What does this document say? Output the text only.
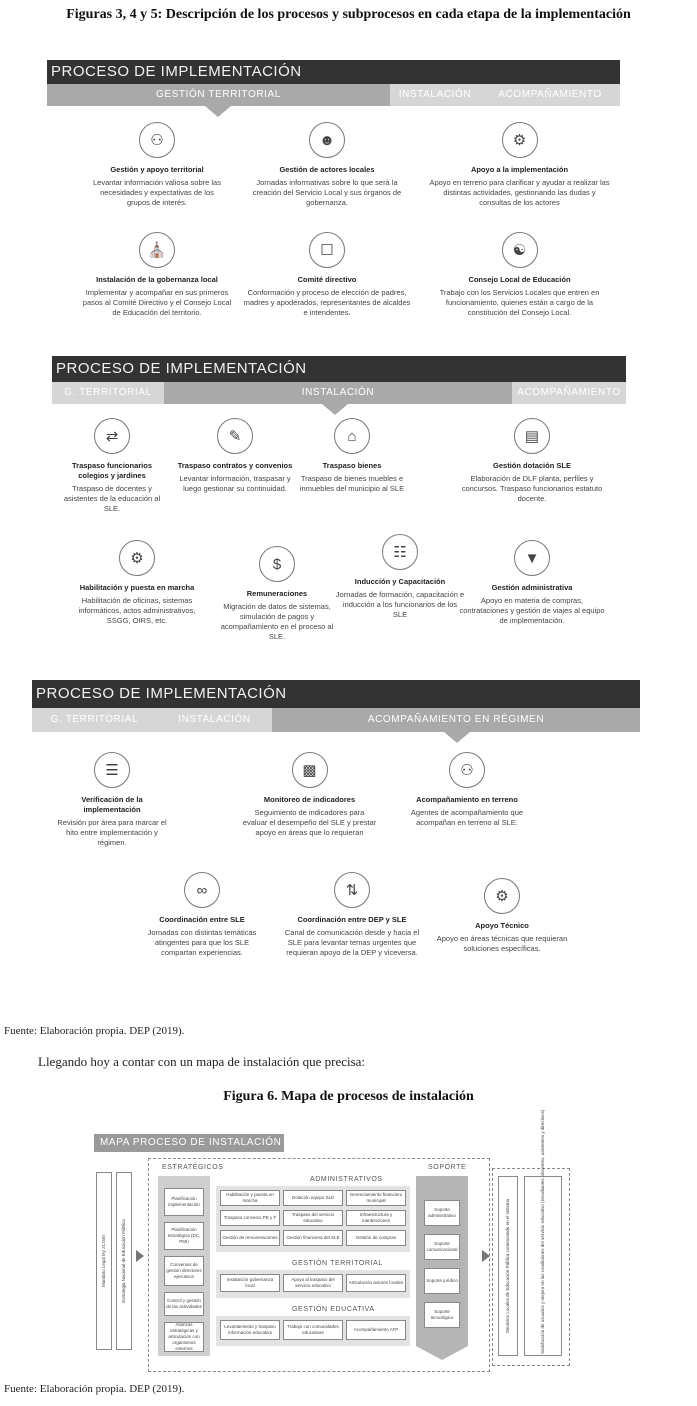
Figuras 3, 4 y 5: Descripción de los procesos y subprocesos en cada etapa de la implementación
PROCESO DE IMPLEMENTACIÓN
GESTIÓN TERRITORIAL	INSTALACIÓN	ACOMPAÑAMIENTO
⚇
Gestión y apoyo territorial
Levantar información valiosa sobre las necesidades y expectativas de los grupos de interés.
☻
Gestión de actores locales
Jornadas informativas sobre lo que será la creación del Servicio Local y sus órganos de gobernanza.
⚙
Apoyo a la implementación
Apoyo en terreno para clarificar y ayudar a realizar las distintas actividades, gestionando las dudas y consultas de los actores
⛪
Instalación de la gobernanza local
Implementar y acompañar en sus primeros pasos al Comité Directivo y el Consejo Local de Educación del territorio.
☐
Comité directivo
Conformación y proceso de elección de padres, madres y apoderados, representantes de alcaldes e intendentes.
☯
Consejo Local de Educación
Trabajo con los Servicios Locales que entren en funcionamiento, quienes están a cargo de la constitución del Consejo Local.
PROCESO DE IMPLEMENTACIÓN
G. TERRITORIAL	INSTALACIÓN	ACOMPAÑAMIENTO
⇄
Traspaso funcionarios colegios y jardines
Traspaso de docentes y asistentes de la educación al SLE.
✎
Traspaso contratos y convenios
Levantar información, traspasar y luego gestionar su continuidad.
⌂
Traspaso bienes
Traspaso de bienes muebles e inmuebles del municipio al SLE
▤
Gestión dotación SLE
Elaboración de DLF planta, perfiles y concursos. Traspaso funcionarios estatuto docente.
⚙
Habilitación y puesta en marcha
Habilitación de oficinas, sistemas informáticos, actos administrativos, SSGG, OIRS, etc.
$
Remuneraciones
Migración de datos de sistemas, simulación de pagos y acompañamiento en el proceso al SLE.
☷
Inducción y Capacitación
Jornadas de formación, capacitación e inducción a los funcionarios de los SLE
▼
Gestión administrativa
Apoyo en materia de compras, contrataciones y gestión de viajes al equipo de implementación.
PROCESO DE IMPLEMENTACIÓN
G. TERRITORIAL	INSTALACIÓN	ACOMPAÑAMIENTO EN RÉGIMEN
☰
Verificación de la implementación
Revisión por área para marcar el hito entre implementación y régimen.
▩
Monitoreo de indicadores
Seguimiento de indicadores para evaluar el desempeño del SLE y prestar apoyo en áreas que lo requieran
⚇
Acompañamiento en terreno
Agentes de acompañamiento que acompañan en terreno al SLE.
∞
Coordinación entre SLE
Jornadas con distintas temáticas atingentes para que los SLE compartan experiencias.
⇅
Coordinación entre DEP y SLE
Canal de comunicación desde y hacia el SLE para levantar temas urgentes que requieran apoyo de la DEP y viceversa.
⚙
Apoyo Técnico
Apoyo en áreas técnicas que requieran soluciones específicas.
Fuente: Elaboración propia. DEP (2019).
Llegando hoy a contar con un mapa de instalación que precisa:
Figura 6. Mapa de procesos de instalación
MAPA PROCESO DE INSTALACIÓN
Mandato Legal ley 21.040	Estrategia Nacional de Educación Pública
ESTRATÉGICOS
Planificación implementación
Planificación estratégica (DC, PMI)
Convenios de gestión directores ejecutivos
Control y gestión de las actividades
Alianzas estratégicas y articulación con organismos externos
ADMINISTRATIVOS
Habilitación y puesta en marcha
Dotación equipo SLE
Gerenciamiento financiero municipal
Traspaso convenio PE y F
Traspaso del servicio educativo
Infraestructura y mantenciones
Gestión de remuneraciones	Gestión financiera del SLE	Gestión de compras
GESTIÓN TERRITORIAL
Instalación gobernanza local
Apoyo al traspaso del servicio educativo
Articulación actores locales
GESTIÓN EDUCATIVA
Levantamiento y traspaso información educativa
Trabajo con comunidades educativas
Acompañamiento ATP
SOPORTE
Soporte administrativo
Soporte comunicacional
Soporte jurídico
Soporte tecnológico	Servicios Locales de Educación Pública comenzando en el sistema	Satisfacción de usuarios y mejora en las condiciones del servicio educativo (estudiantes, docentes, asistentes y directivos)
Fuente: Elaboración propia. DEP (2019).
